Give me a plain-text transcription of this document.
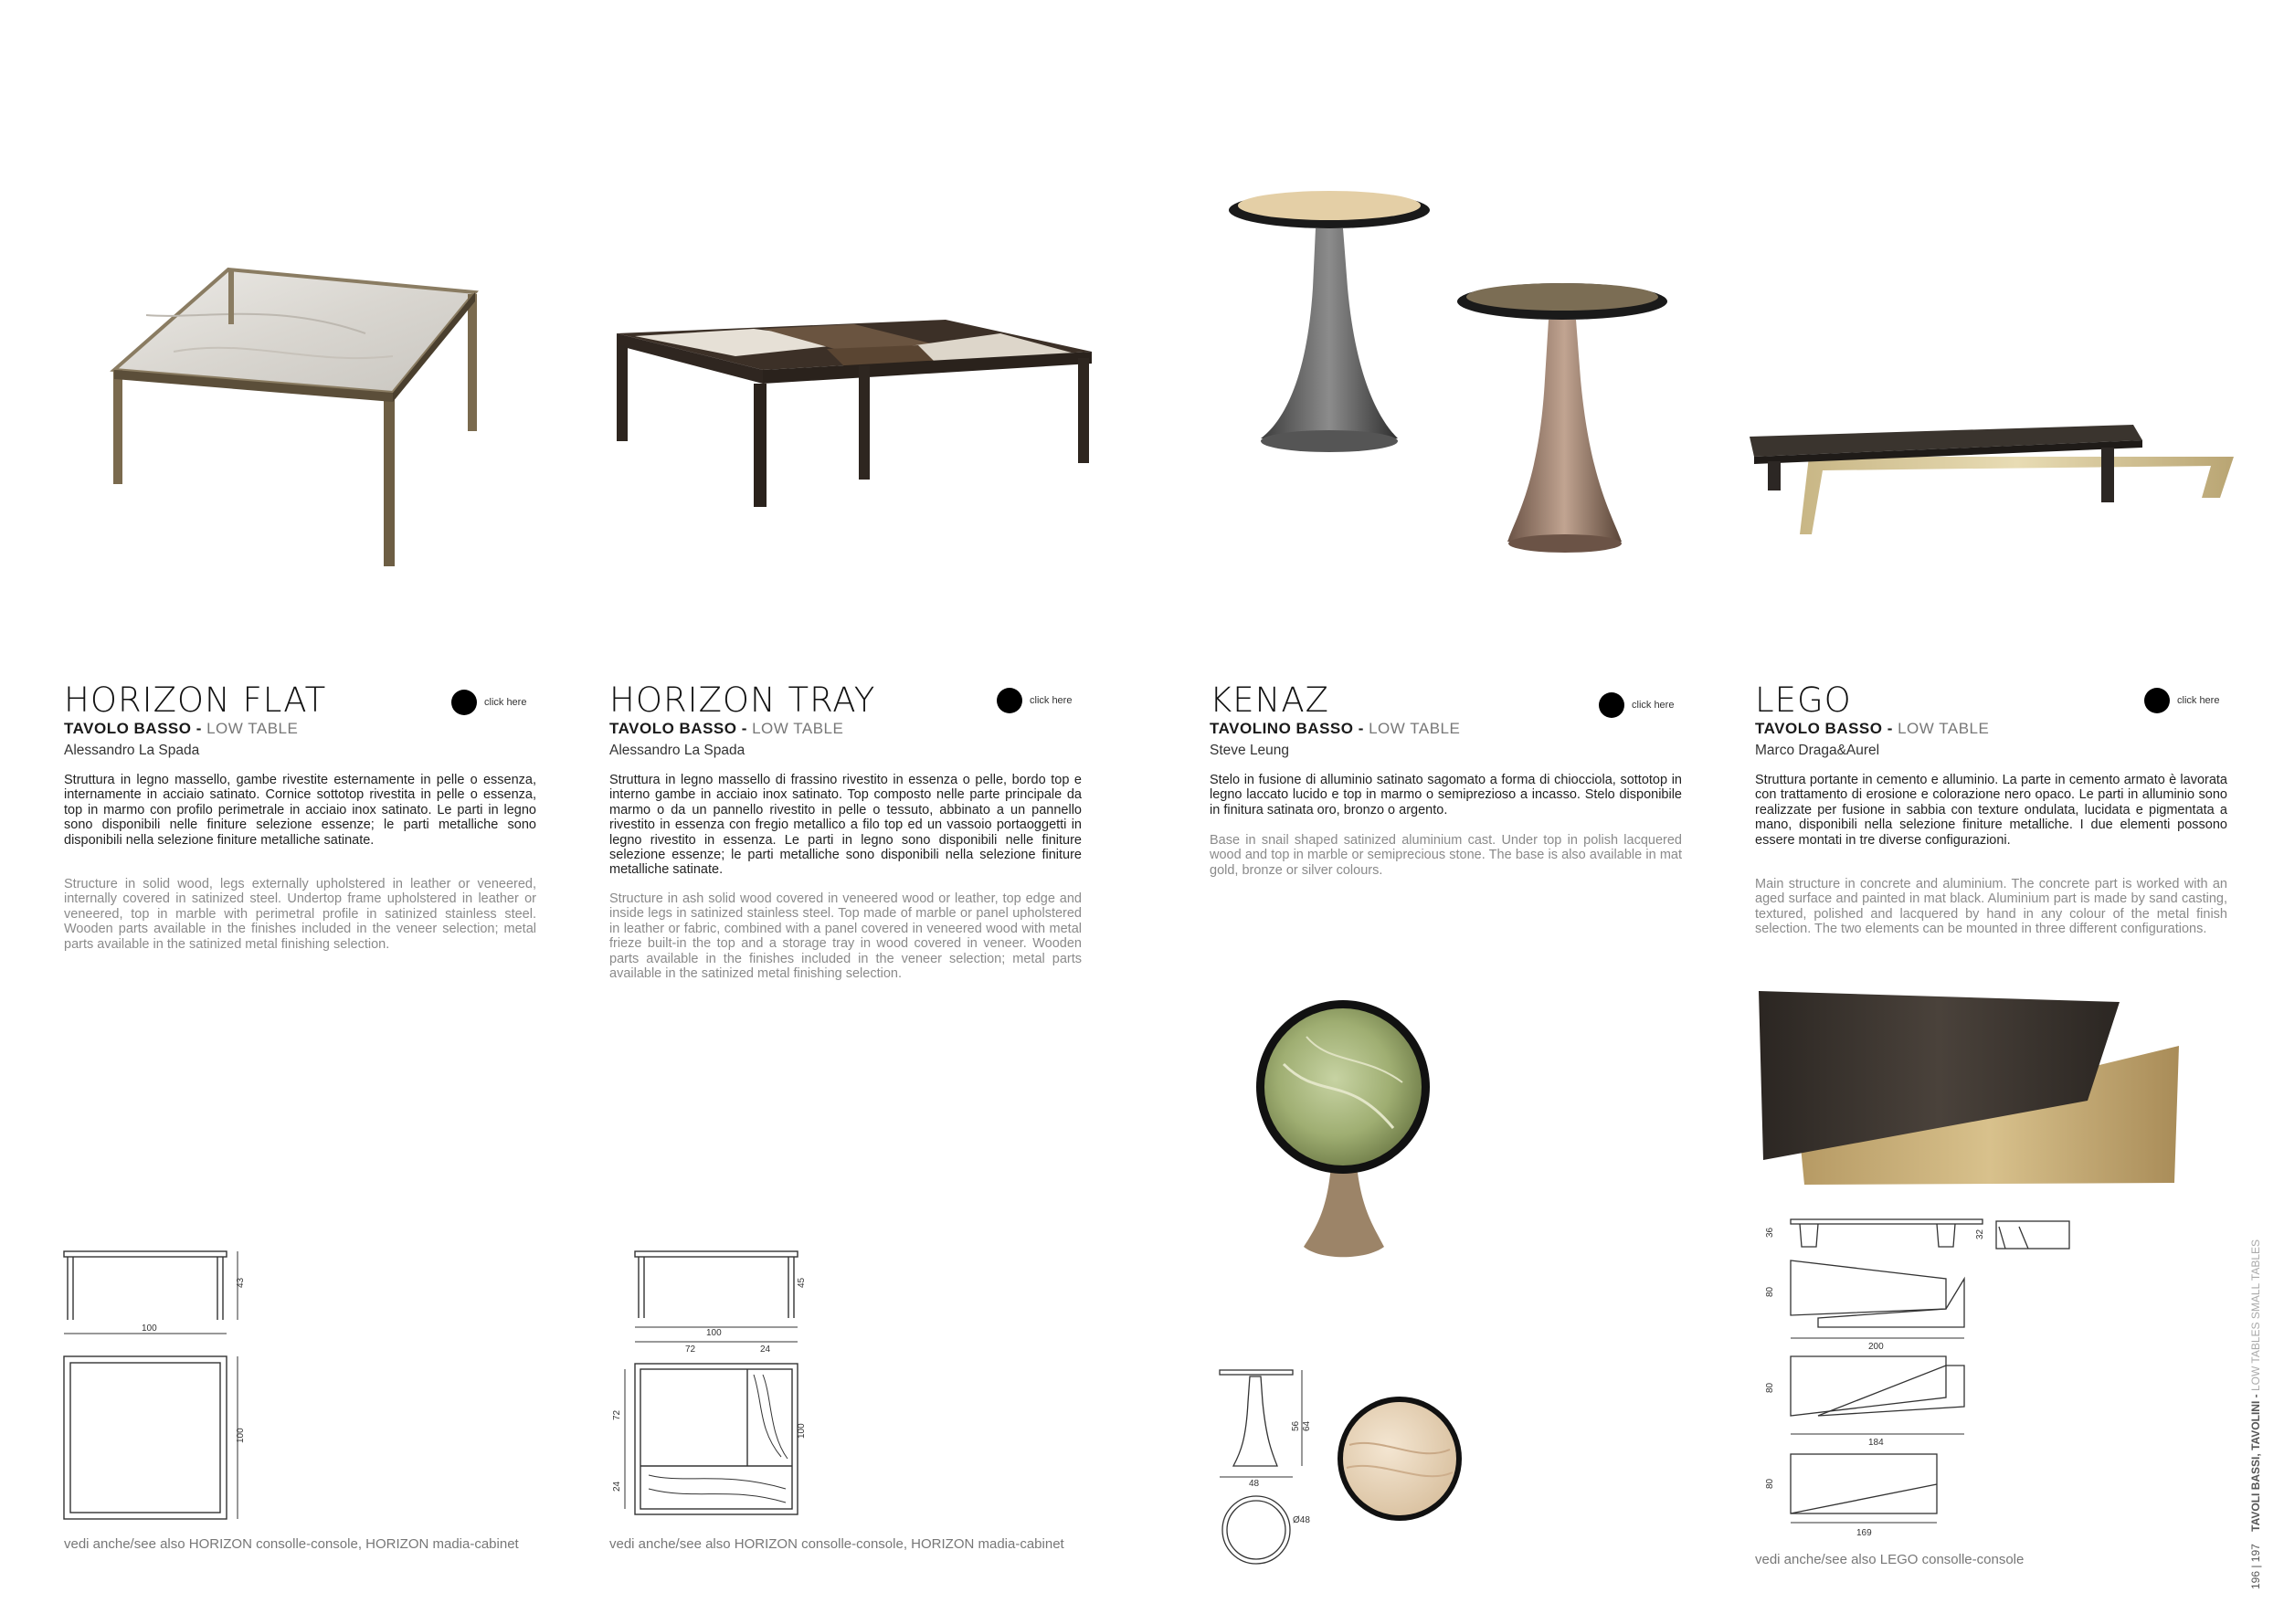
HORIZON FLAT	click here
TAVOLO BASSO - LOW TABLE
Alessandro La Spada
Struttura in legno massello, gambe rivestite esternamente in pelle o essenza, internamente in acciaio satinato. Cornice sottotop rivestita in pelle o essenza, top in marmo con profilo perimetrale in acciaio inox satinato. Le parti in legno sono disponibili nelle finiture selezione essenze; le parti metalliche sono disponibili nella selezione finiture metalliche satinate.
Structure in solid wood, legs externally upholstered in leather or veneered, internally covered in satinized steel. Undertop frame upholstered in leather or veneered, top in marble with perimetral profile in satinized stainless steel. Wooden parts available in the finishes included in the veneer selection; metal parts available in the satinized metal finishing selection.
vedi anche/see also HORIZON consolle-console, HORIZON madia-cabinet
HORIZON TRAY	click here
TAVOLO BASSO - LOW TABLE
Alessandro La Spada
Struttura in legno massello di frassino rivestito in essenza o pelle, bordo top e interno gambe in acciaio inox satinato. Top composto nelle parte principale da marmo o da un pannello rivestito in pelle o tessuto, abbinato a un pannello rivestito in essenza con fregio metallico a filo top ed un vassoio portaoggetti in legno rivestito in essenza. Le parti in legno sono disponibili nelle finiture selezione essenze; le parti metalliche sono disponibili nella selezione finiture metalliche satinate.
Structure in ash solid wood covered in veneered wood or leather, top edge and inside legs in satinized stainless steel. Top made of marble or panel upholstered in leather or fabric, combined with a panel covered in veneered wood with metal frieze built-in the top and a storage tray in wood covered in veneer. Wooden parts available in the finishes included in the veneer selection; metal parts available in the satinized metal finishing selection.
vedi anche/see also HORIZON consolle-console, HORIZON madia-cabinet
KENAZ	click here
TAVOLINO BASSO - LOW TABLE
Steve Leung
Stelo in fusione di alluminio satinato sagomato a forma di chiocciola, sottotop in legno laccato lucido e top in marmo o semiprezioso a incasso. Stelo disponibile in finitura satinata oro, bronzo o argento.
Base in snail shaped satinized aluminium cast. Under top in polish lacquered wood and top in marble or semiprecious stone. The base is also available in mat gold, bronze or silver colours.
LEGO	click here
TAVOLO BASSO - LOW TABLE
Marco Draga&Aurel
Struttura portante in cemento e alluminio. La parte in cemento armato è lavorata con trattamento di erosione e colorazione nero opaco. Le parti in alluminio sono realizzate per fusione in sabbia con texture ondulata, lucidata e pigmentata a mano, disponibili nella selezione finiture metalliche. I due elementi possono essere montati in tre diverse configurazioni.
Main structure in concrete and aluminium. The concrete part is worked with an aged surface and painted in mat black. Aluminium part is made by sand casting, textured, polished and lacquered by hand in any colour of the metal finish selection. The two elements can be mounted in three different configurations.
vedi anche/see also LEGO consolle-console
43
100
100
45
100
72	24
100
72
24
56 64
48
Ø48
36	32
80
200
80
184
80
169
196 | 197    TAVOLI BASSI, TAVOLINI - LOW TABLES SMALL TABLES
